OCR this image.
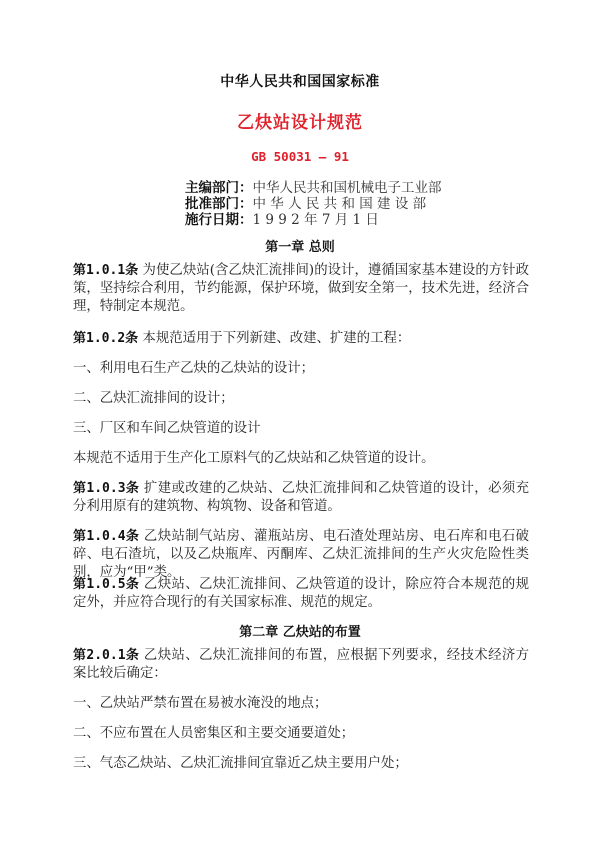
中华人民共和国国家标准
乙炔站设计规范
GB 50031 — 91
主编部门：中华人民共和国机械电子工业部
批准部门：中 华 人 民 共 和 国 建 设 部
施行日期：1 9 9 2 年 7 月 1 日
第一章 总则

第1.0.1条 为使乙炔站(含乙炔汇流排间)的设计，遵循国家基本建设的方针政策，坚持综合利用，节约能源，保护环境，做到安全第一，技术先进，经济合理，特制定本规范。

第1.0.2条 本规范适用于下列新建、改建、扩建的工程：

一、利用电石生产乙炔的乙炔站的设计；

二、乙炔汇流排间的设计；

三、厂区和车间乙炔管道的设计

本规范不适用于生产化工原料气的乙炔站和乙炔管道的设计。

第1.0.3条 扩建或改建的乙炔站、乙炔汇流排间和乙炔管道的设计，必须充分利用原有的建筑物、构筑物、设备和管道。

第1.0.4条 乙炔站制气站房、灌瓶站房、电石渣处理站房、电石库和电石破碎、电石渣坑，以及乙炔瓶库、丙酮库、乙炔汇流排间的生产火灾危险性类别，应为“甲”类。

第1.0.5条 乙炔站、乙炔汇流排间、乙炔管道的设计，除应符合本规范的规定外，并应符合现行的有关国家标准、规范的规定。

第二章 乙炔站的布置

第2.0.1条 乙炔站、乙炔汇流排间的布置，应根据下列要求，经技术经济方案比较后确定：

一、乙炔站严禁布置在易被水淹没的地点；

二、不应布置在人员密集区和主要交通要道处；

三、气态乙炔站、乙炔汇流排间宜靠近乙炔主要用户处；
